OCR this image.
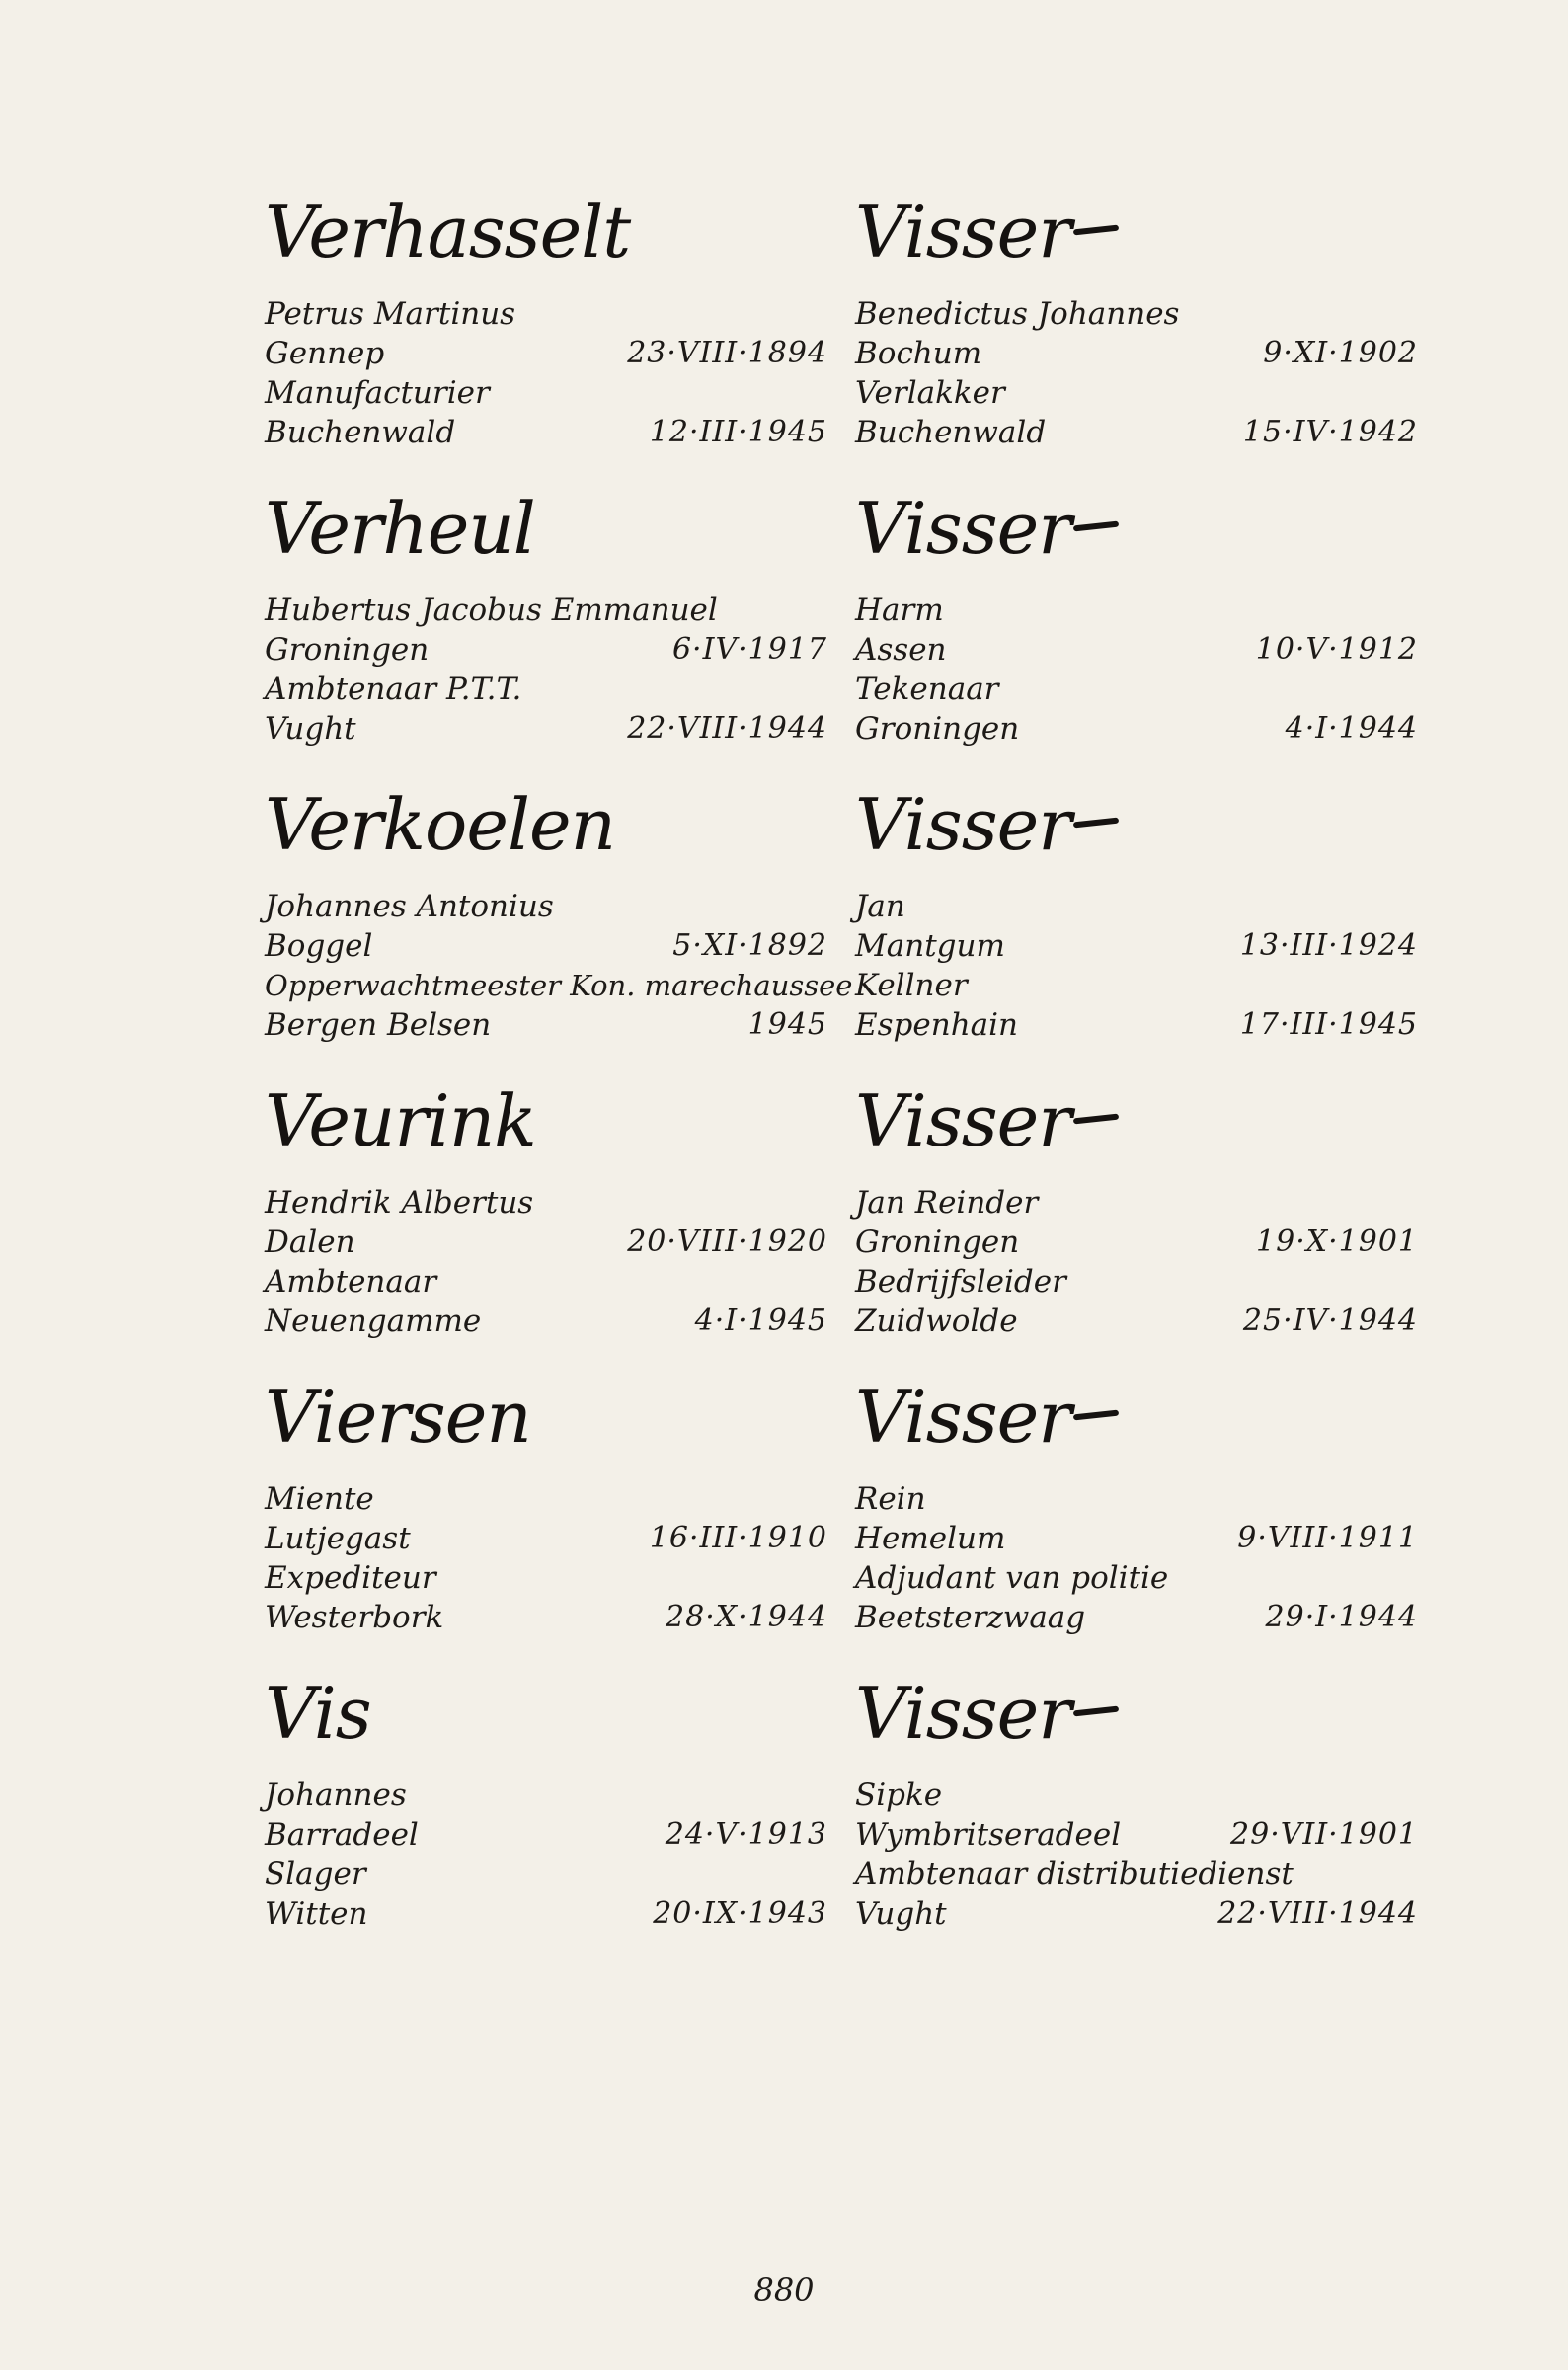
Verhasselt
Petrus Martinus
Gennep	23·VIII·1894
Manufacturier
Buchenwald	12·III·1945
Verheul
Hubertus Jacobus Emmanuel
Groningen	6·IV·1917
Ambtenaar P.T.T.
Vught	22·VIII·1944
Verkoelen
Johannes Antonius
Boggel	5·XI·1892
Opperwachtmeester Kon. marechaussee
Bergen Belsen	1945
Veurink
Hendrik Albertus
Dalen	20·VIII·1920
Ambtenaar
Neuengamme	4·I·1945
Viersen
Miente
Lutjegast	16·III·1910
Expediteur
Westerbork	28·X·1944
Vis
Johannes
Barradeel	24·V·1913
Slager
Witten	20·IX·1943
Visser
Benedictus Johannes
Bochum	9·XI·1902
Verlakker
Buchenwald	15·IV·1942
Visser
Harm
Assen	10·V·1912
Tekenaar
Groningen	4·I·1944
Visser
Jan
Mantgum	13·III·1924
Kellner
Espenhain	17·III·1945
Visser
Jan Reinder
Groningen	19·X·1901
Bedrijfsleider
Zuidwolde	25·IV·1944
Visser
Rein
Hemelum	9·VIII·1911
Adjudant van politie
Beetsterzwaag	29·I·1944
Visser
Sipke
Wymbritseradeel	29·VII·1901
Ambtenaar distributiedienst
Vught	22·VIII·1944
880
